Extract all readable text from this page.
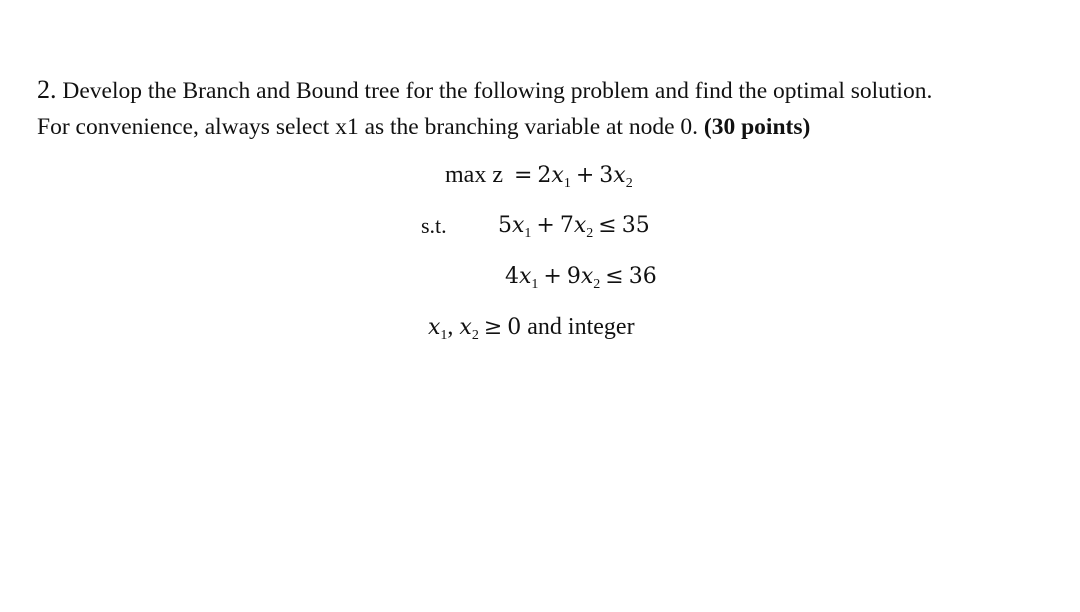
2. Develop the Branch and Bound tree for the following problem and find the optimal solution.
For convenience, always select x1 as the branching variable at node 0. (30 points)
$\max z = 2x_1 + 3x_2$
s.t. $5x_1 + 7x_2 \le 35$
$4x_1 + 9x_2 \le 36$
$x_1$, $x_2 \ge 0$ and integer
